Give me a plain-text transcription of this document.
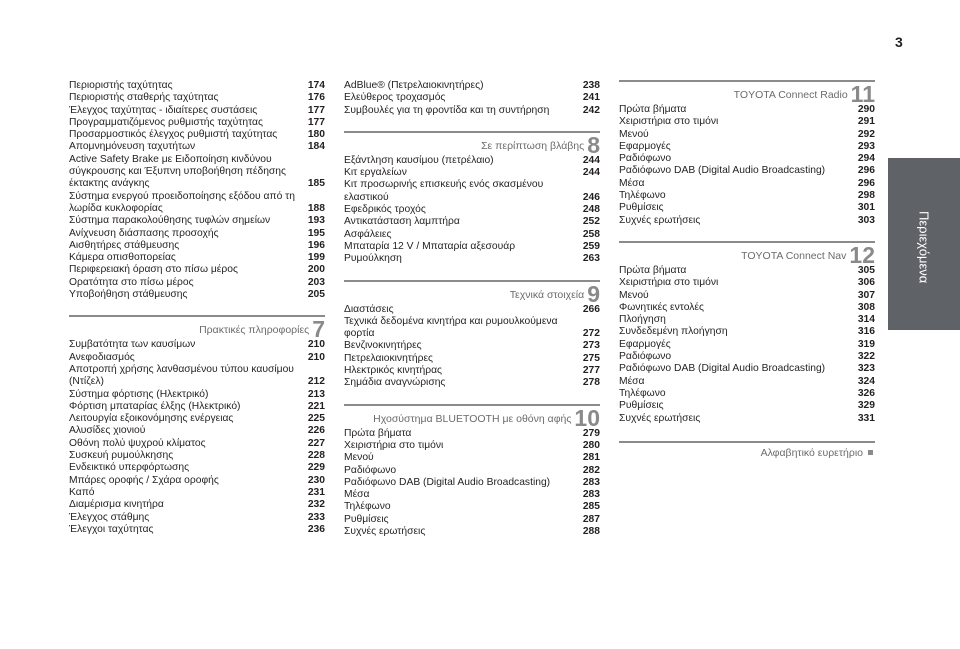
3
Περιεχόμενα
Περιοριστής ταχύτητας	174
Περιοριστής σταθερής ταχύτητας	176
Έλεγχος ταχύτητας - ιδιαίτερες συστάσεις	177
Προγραμματιζόμενος ρυθμιστής ταχύτητας	177
Προσαρμοστικός έλεγχος ρυθμιστή ταχύτητας	180
Απομνημόνευση ταχυτήτων	184
Active Safety Brake με Ειδοποίηση κινδύνου σύγκρουσης και Έξυπνη υποβοήθηση πέδησης έκτακτης ανάγκης	185
Σύστημα ενεργού προειδοποίησης εξόδου από τη λωρίδα κυκλοφορίας	188
Σύστημα παρακολούθησης τυφλών σημείων	193
Ανίχνευση διάσπασης προσοχής	195
Αισθητήρες στάθμευσης	196
Κάμερα οπισθοπορείας	199
Περιφερειακή όραση στο πίσω μέρος	200
Ορατότητα στο πίσω μέρος	203
Υποβοήθηση στάθμευσης	205
Πρακτικές πληροφορίες 7
Συμβατότητα των καυσίμων	210
Ανεφοδιασμός	210
Αποτροπή χρήσης λανθασμένου τύπου καυσίμου (Ντίζελ)	212
Σύστημα φόρτισης (Ηλεκτρικό)	213
Φόρτιση μπαταρίας έλξης (Ηλεκτρικό)	221
Λειτουργία εξοικονόμησης ενέργειας	225
Αλυσίδες χιονιού	226
Οθόνη πολύ ψυχρού κλίματος	227
Συσκευή ρυμούλκησης	228
Ενδεικτικό υπερφόρτωσης	229
Μπάρες οροφής / Σχάρα οροφής	230
Καπό	231
Διαμέρισμα κινητήρα	232
Έλεγχος στάθμης	233
Έλεγχοι ταχύτητας	236
AdBlue® (Πετρελαιοκινητήρες)	238
Ελεύθερος τροχασμός	241
Συμβουλές για τη φροντίδα και τη συντήρηση	242
Σε περίπτωση βλάβης 8
Εξάντληση καυσίμου (πετρέλαιο)	244
Κιτ εργαλείων	244
Κιτ προσωρινής επισκευής ενός σκασμένου ελαστικού	246
Εφεδρικός τροχός	248
Αντικατάσταση λαμπτήρα	252
Ασφάλειες	258
Μπαταρία 12 V / Μπαταρία αξεσουάρ	259
Ρυμούλκηση	263
Τεχνικά στοιχεία 9
Διαστάσεις	266
Τεχνικά δεδομένα κινητήρα και ρυμουλκούμενα φορτία	272
Βενζινοκινητήρες	273
Πετρελαιοκινητήρες	275
Ηλεκτρικός κινητήρας	277
Σημάδια αναγνώρισης	278
Ηχοσύστημα BLUETOOTH με οθόνη αφής 10
Πρώτα βήματα	279
Χειριστήρια στο τιμόνι	280
Μενού	281
Ραδιόφωνο	282
Ραδιόφωνο DAB (Digital Audio Broadcasting)	283
Μέσα	283
Τηλέφωνο	285
Ρυθμίσεις	287
Συχνές ερωτήσεις	288
TOYOTA Connect Radio 11
Πρώτα βήματα	290
Χειριστήρια στο τιμόνι	291
Μενού	292
Εφαρμογές	293
Ραδιόφωνο	294
Ραδιόφωνο DAB (Digital Audio Broadcasting)	296
Μέσα	296
Τηλέφωνο	298
Ρυθμίσεις	301
Συχνές ερωτήσεις	303
TOYOTA Connect Nav 12
Πρώτα βήματα	305
Χειριστήρια στο τιμόνι	306
Μενού	307
Φωνητικές εντολές	308
Πλοήγηση	314
Συνδεδεμένη πλοήγηση	316
Εφαρμογές	319
Ραδιόφωνο	322
Ραδιόφωνο DAB (Digital Audio Broadcasting)	323
Μέσα	324
Τηλέφωνο	326
Ρυθμίσεις	329
Συχνές ερωτήσεις	331
Αλφαβητικό ευρετήριο
